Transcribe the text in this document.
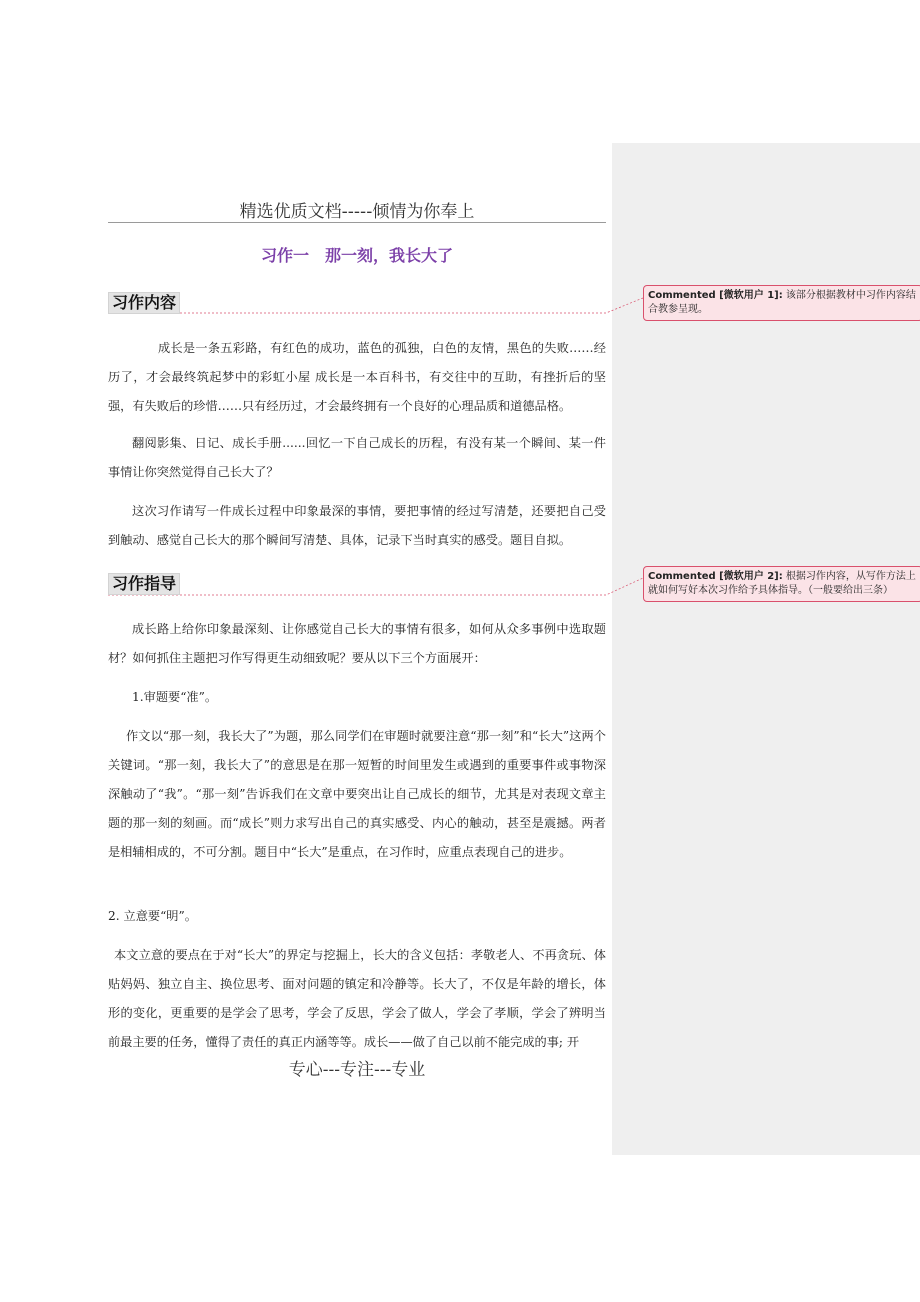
精选优质文档-----倾情为你奉上
习作一　那一刻，我长大了
习作内容

成长是一条五彩路，有红色的成功，蓝色的孤独，白色的友情，黑色的失败……经历了，才会最终筑起梦中的彩虹小屋 成长是一本百科书，有交往中的互助，有挫折后的坚强，有失败后的珍惜……只有经历过，才会最终拥有一个良好的心理品质和道德品格。

翻阅影集、日记、成长手册......回忆一下自己成长的历程，有没有某一个瞬间、某一件事情让你突然觉得自己长大了？

这次习作请写一件成长过程中印象最深的事情，要把事情的经过写清楚，还要把自己受到触动、感觉自己长大的那个瞬间写清楚、具体，记录下当时真实的感受。题目自拟。

习作指导

成长路上给你印象最深刻、让你感觉自己长大的事情有很多，如何从众多事例中选取题材？如何抓住主题把习作写得更生动细致呢？要从以下三个方面展开：

1.审题要“准”。

作文以“那一刻，我长大了”为题，那么同学们在审题时就要注意“那一刻”和“长大”这两个关键词。“那一刻，我长大了”的意思是在那一短暂的时间里发生或遇到的重要事件或事物深深触动了“我”。“那一刻”告诉我们在文章中要突出让自己成长的细节，尤其是对表现文章主题的那一刻的刻画。而“成长”则力求写出自己的真实感受、内心的触动，甚至是震撼。两者是相辅相成的，不可分割。题目中“长大”是重点，在习作时，应重点表现自己的进步。

2. 立意要“明”。

本文立意的要点在于对“长大”的界定与挖掘上，长大的含义包括：孝敬老人、不再贪玩、体贴妈妈、独立自主、换位思考、面对问题的镇定和冷静等。长大了，不仅是年龄的增长，体形的变化，更重要的是学会了思考，学会了反思，学会了做人，学会了孝顺，学会了辨明当前最主要的任务，懂得了责任的真正内涵等等。成长——做了自己以前不能完成的事; 开

专心---专注---专业
Commented [微软用户 1]: 该部分根据教材中习作内容结合教参呈现。
Commented [微软用户 2]: 根据习作内容，从写作方法上就如何写好本次习作给予具体指导。（一般要给出三条）
